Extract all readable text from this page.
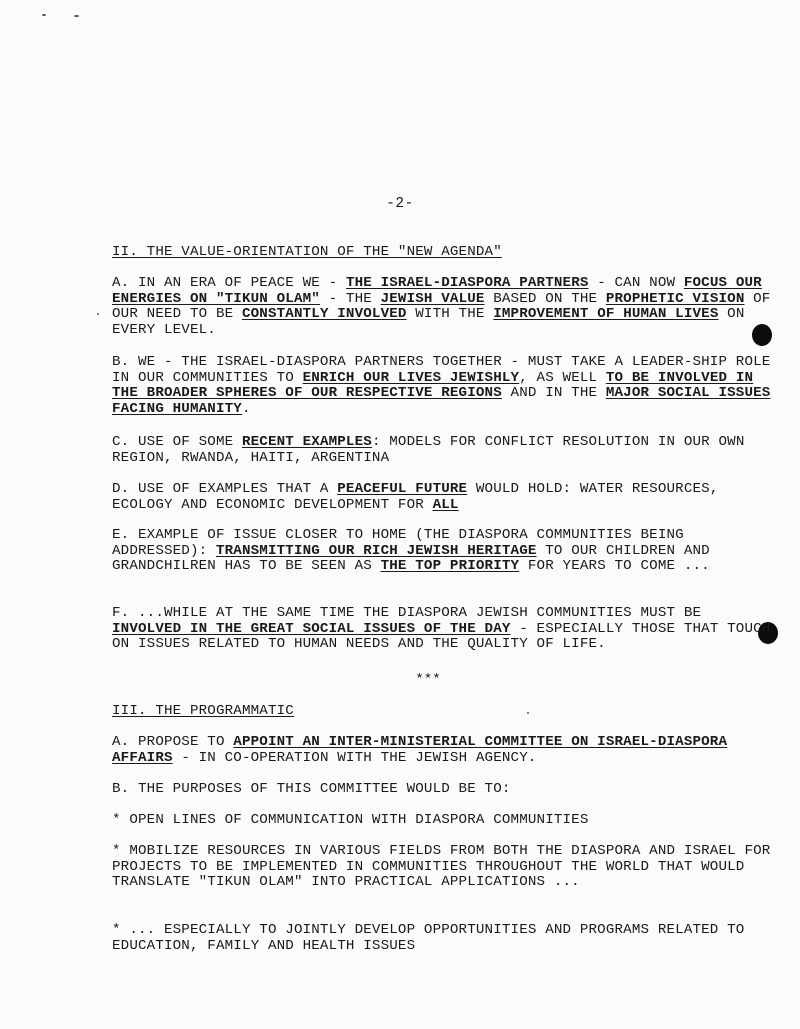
-2-

II. THE VALUE-ORIENTATION OF THE "NEW AGENDA"

A. IN AN ERA OF PEACE WE - THE ISRAEL-DIASPORA PARTNERS - CAN NOW FOCUS OUR ENERGIES ON "TIKUN OLAM" - THE JEWISH VALUE BASED ON THE PROPHETIC VISION OF OUR NEED TO BE CONSTANTLY INVOLVED WITH THE IMPROVEMENT OF HUMAN LIVES ON EVERY LEVEL.

B. WE - THE ISRAEL-DIASPORA PARTNERS TOGETHER - MUST TAKE A LEADER-SHIP ROLE IN OUR COMMUNITIES TO ENRICH OUR LIVES JEWISHLY, AS WELL TO BE INVOLVED IN THE BROADER SPHERES OF OUR RESPECTIVE REGIONS AND IN THE MAJOR SOCIAL ISSUES FACING HUMANITY.

C. USE OF SOME RECENT EXAMPLES: MODELS FOR CONFLICT RESOLUTION IN OUR OWN REGION, RWANDA, HAITI, ARGENTINA

D. USE OF EXAMPLES THAT A PEACEFUL FUTURE WOULD HOLD: WATER RESOURCES, ECOLOGY AND ECONOMIC DEVELOPMENT FOR ALL

E. EXAMPLE OF ISSUE CLOSER TO HOME (THE DIASPORA COMMUNITIES BEING ADDRESSED): TRANSMITTING OUR RICH JEWISH HERITAGE TO OUR CHILDREN AND GRANDCHILREN HAS TO BE SEEN AS THE TOP PRIORITY FOR YEARS TO COME ...

F. ...WHILE AT THE SAME TIME THE DIASPORA JEWISH COMMUNITIES MUST BE INVOLVED IN THE GREAT SOCIAL ISSUES OF THE DAY - ESPECIALLY THOSE THAT TOUCH ON ISSUES RELATED TO HUMAN NEEDS AND THE QUALITY OF LIFE.

***

III. THE PROGRAMMATIC

A. PROPOSE TO APPOINT AN INTER-MINISTERIAL COMMITTEE ON ISRAEL-DIASPORA AFFAIRS - IN CO-OPERATION WITH THE JEWISH AGENCY.

B. THE PURPOSES OF THIS COMMITTEE WOULD BE TO:

* OPEN LINES OF COMMUNICATION WITH DIASPORA COMMUNITIES

* MOBILIZE RESOURCES IN VARIOUS FIELDS FROM BOTH THE DIASPORA AND ISRAEL FOR PROJECTS TO BE IMPLEMENTED IN COMMUNITIES THROUGHOUT THE WORLD THAT WOULD TRANSLATE "TIKUN OLAM" INTO PRACTICAL APPLICATIONS ...

* ... ESPECIALLY TO JOINTLY DEVELOP OPPORTUNITIES AND PROGRAMS RELATED TO EDUCATION, FAMILY AND HEALTH ISSUES
